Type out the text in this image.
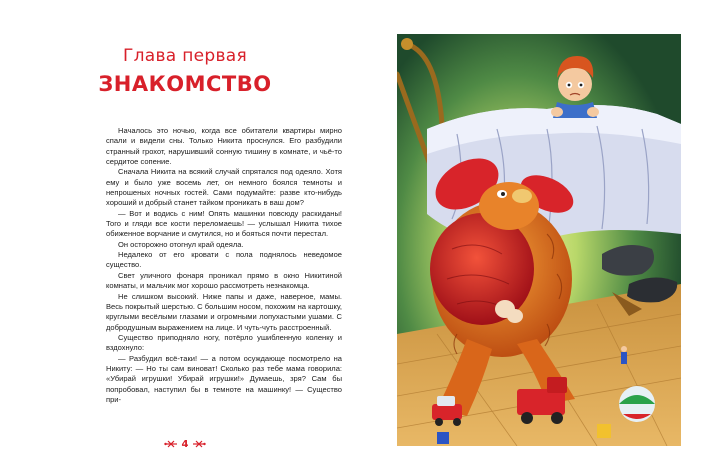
Глава первая
ЗНАКОМСТВО

Началось это ночью, когда все обитатели квартиры мирно спали и видели сны. Только Никита проснулся. Его разбудили странный грохот, нарушивший сонную тишину в комнате, и чьё-то сердитое сопение.

Сначала Никита на всякий случай спрятался под одеяло. Хотя ему и было уже восемь лет, он немного боялся темноты и непрошеных ночных гостей. Сами подумайте: разве кто-нибудь хороший и добрый станет тайком проникать в ваш дом?

— Вот и водись с ним! Опять машинки повсюду раскиданы! Того и гляди все кости переломаешь! — услышал Никита тихое обиженное ворчание и смутился, но и бояться почти перестал.

Он осторожно отогнул край одеяла.

Недалеко от его кровати с пола поднялось неведомое существо.

Свет уличного фонаря проникал прямо в окно Никитиной комнаты, и мальчик мог хорошо рассмотреть незнакомца.

Не слишком высокий. Ниже папы и даже, наверное, мамы. Весь покрытый шерстью. С большим носом, похожим на картошку, круглыми весёлыми глазами и огромными лопухастыми ушами. С добродушным выражением на лице. И чуть-чуть расстроенный.

Существо приподняло ногу, потёрло ушибленную коленку и вздохнуло:

— Разбудил всё-таки! — а потом осуждающе посмотрело на Никиту: — Но ты сам виноват! Сколько раз тебе мама говорила: «Убирай игрушки! Убирай игрушки!» Думаешь, зря? Сам бы попробовал, наступил бы в темноте на машинку! — Существо при-

4
